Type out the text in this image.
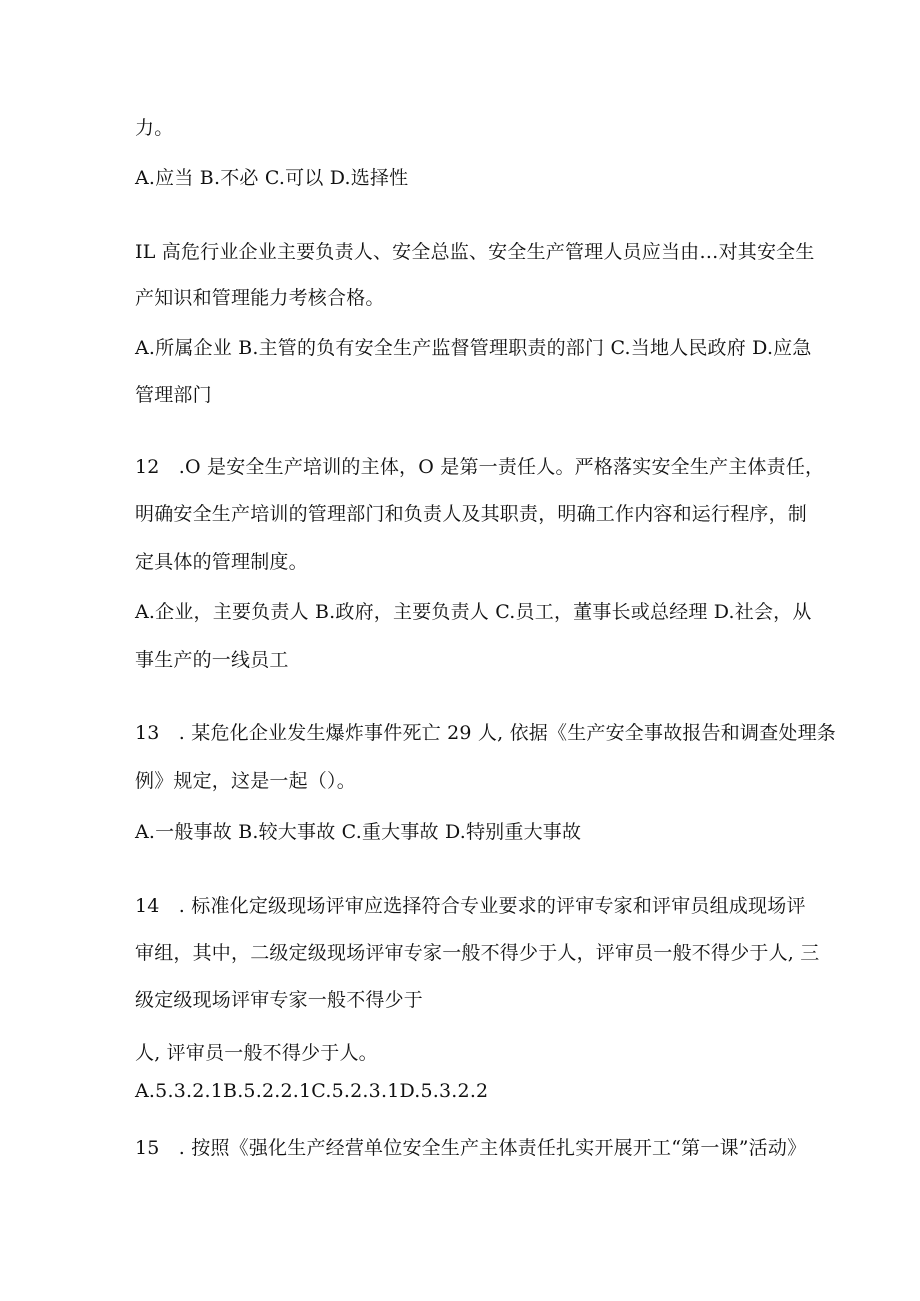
力。
A.应当 B.不必 C.可以 D.选择性
IL 高危行业企业主要负责人、安全总监、安全生产管理人员应当由…对其安全生
产知识和管理能力考核合格。
A.所属企业 B.主管的负有安全生产监督管理职责的部门 C.当地人民政府 D.应急
管理部门
12　.O 是安全生产培训的主体，O 是第一责任人。严格落实安全生产主体责任，
明确安全生产培训的管理部门和负责人及其职责，明确工作内容和运行程序，制
定具体的管理制度。
A.企业，主要负责人 B.政府，主要负责人 C.员工，董事长或总经理 D.社会，从
事生产的一线员工
13　. 某危化企业发生爆炸事件死亡 29 人, 依据《生产安全事故报告和调查处理条
例》规定，这是一起（）。
A.一般事故 B.较大事故 C.重大事故 D.特别重大事故
14　. 标准化定级现场评审应选择符合专业要求的评审专家和评审员组成现场评
审组，其中，二级定级现场评审专家一般不得少于人，评审员一般不得少于人, 三
级定级现场评审专家一般不得少于
人, 评审员一般不得少于人。
A.5.3.2.1B.5.2.2.1C.5.2.3.1D.5.3.2.2
15　. 按照《强化生产经营单位安全生产主体责任扎实开展开工“第一课”活动》
